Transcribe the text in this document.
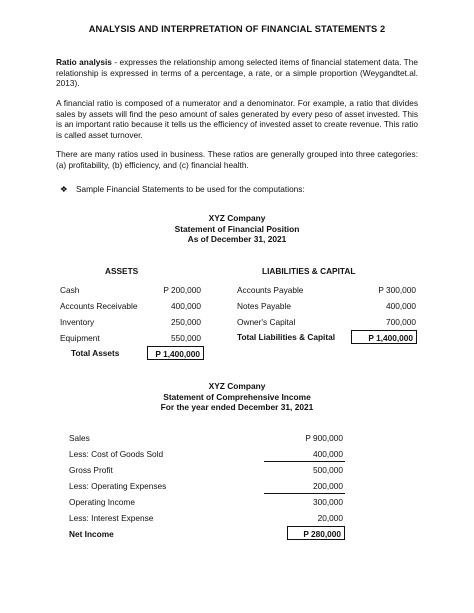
ANALYSIS AND INTERPRETATION OF FINANCIAL STATEMENTS 2
Ratio analysis - expresses the relationship among selected items of financial statement data. The relationship is expressed in terms of a percentage, a rate, or a simple proportion (Weygandtet.al. 2013).
A financial ratio is composed of a numerator and a denominator. For example, a ratio that divides sales by assets will find the peso amount of sales generated by every peso of asset invested. This is an important ratio because it tells us the efficiency of invested asset to create revenue. This ratio is called asset turnover.
There are many ratios used in business. These ratios are generally grouped into three categories: (a) profitability, (b) efficiency, and (c) financial health.
❖ Sample Financial Statements to be used for the computations:
XYZ Company
Statement of Financial Position
As of December 31, 2021
ASSETS	LIABILITIES & CAPITAL
Cash	P 200,000
Accounts Receivable	400,000
Inventory	250,000
Equipment	550,000
Total Assets	P 1,400,000
Accounts Payable	P 300,000
Notes Payable	400,000
Owner's Capital	700,000
Total Liabilities & Capital	P 1,400,000
XYZ Company
Statement of Comprehensive Income
For the year ended December 31, 2021
Sales	P 900,000
Less: Cost of Goods Sold	400,000
Gross Profit	500,000
Less: Operating Expenses	200,000
Operating Income	300,000
Less: Interest Expense	20,000
Net Income	P 280,000
